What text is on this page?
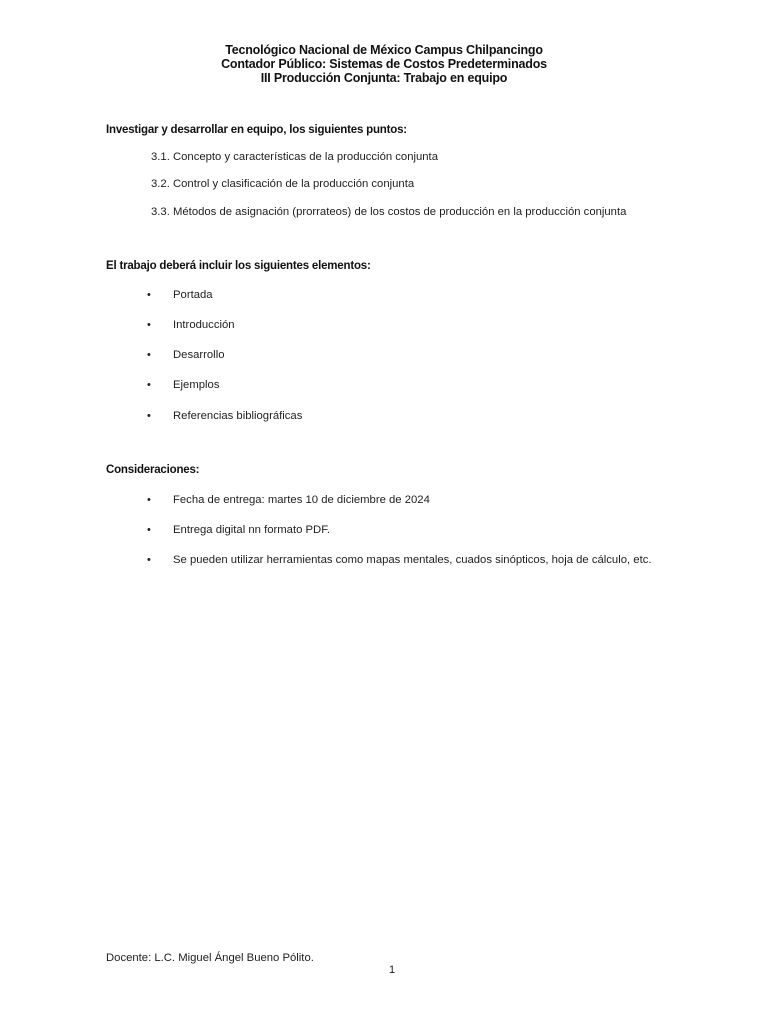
Tecnológico Nacional de México Campus Chilpancingo
Contador Público: Sistemas de Costos Predeterminados
III Producción Conjunta: Trabajo en equipo
Investigar y desarrollar en equipo, los siguientes puntos:
3.1. Concepto y características de la producción conjunta
3.2. Control y clasificación de la producción conjunta
3.3. Métodos de asignación (prorrateos) de los costos de producción en la producción conjunta
El trabajo deberá incluir los siguientes elementos:
• Portada
• Introducción
• Desarrollo
• Ejemplos
• Referencias bibliográficas
Consideraciones:
• Fecha de entrega: martes 10 de diciembre de 2024
• Entrega digital nn formato PDF.
• Se pueden utilizar herramientas como mapas mentales, cuados sinópticos, hoja de cálculo, etc.
Docente: L.C. Miguel Ángel Bueno Pólito.
1
